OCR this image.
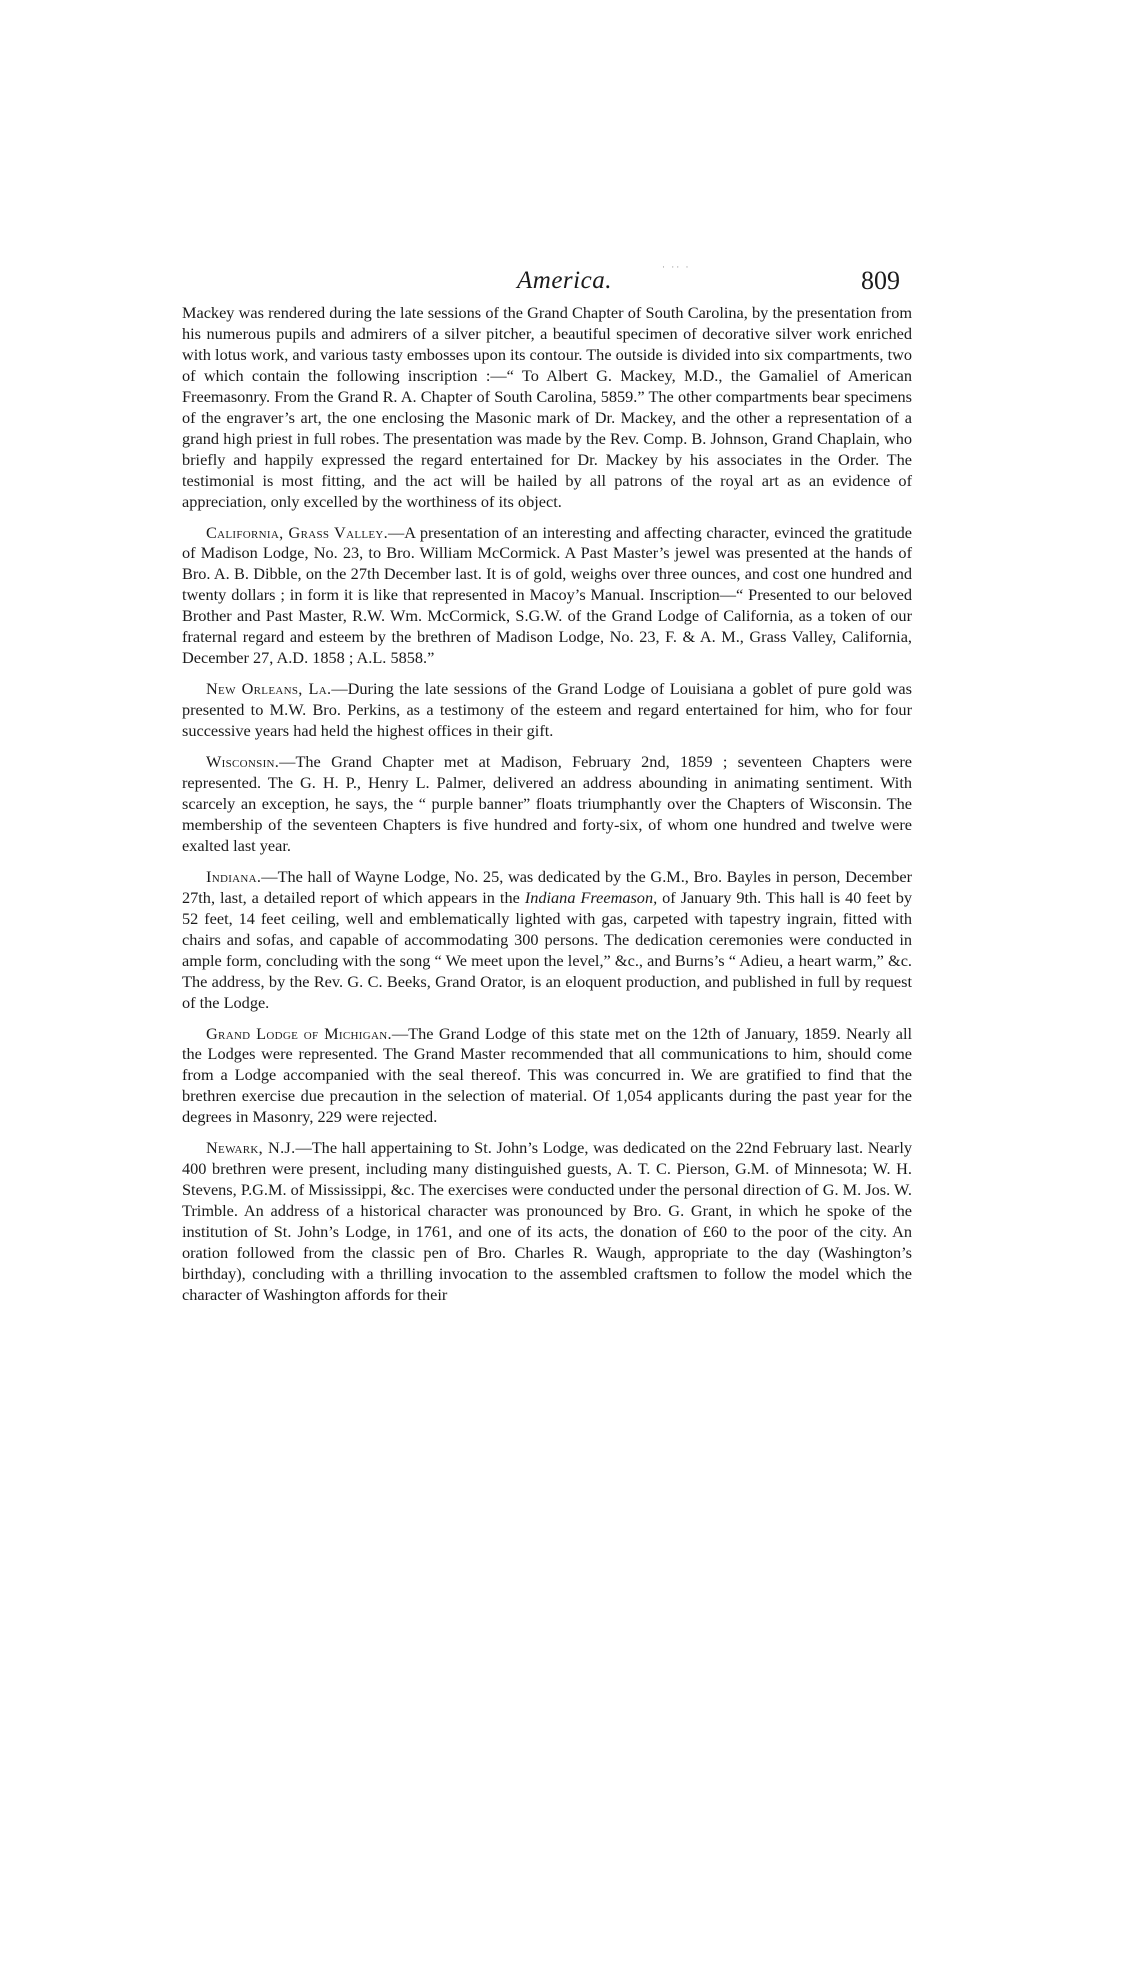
America.	· ·· ·	809

Mackey was rendered during the late sessions of the Grand Chapter of South Carolina, by the presentation from his numerous pupils and admirers of a silver pitcher, a beautiful specimen of decorative silver work enriched with lotus work, and various tasty embosses upon its contour. The outside is divided into six compartments, two of which contain the following inscription :—“ To Albert G. Mackey, M.D., the Gamaliel of American Freemasonry. From the Grand R. A. Chapter of South Carolina, 5859.” The other compartments bear specimens of the engraver’s art, the one enclosing the Masonic mark of Dr. Mackey, and the other a representation of a grand high priest in full robes. The presentation was made by the Rev. Comp. B. Johnson, Grand Chaplain, who briefly and happily expressed the regard entertained for Dr. Mackey by his associates in the Order. The testimonial is most fitting, and the act will be hailed by all patrons of the royal art as an evidence of appreciation, only excelled by the worthiness of its object.

California, Grass Valley.—A presentation of an interesting and affecting character, evinced the gratitude of Madison Lodge, No. 23, to Bro. William McCormick. A Past Master’s jewel was presented at the hands of Bro. A. B. Dibble, on the 27th December last. It is of gold, weighs over three ounces, and cost one hundred and twenty dollars ; in form it is like that represented in Macoy’s Manual. Inscription—“ Presented to our beloved Brother and Past Master, R.W. Wm. McCormick, S.G.W. of the Grand Lodge of California, as a token of our fraternal regard and esteem by the brethren of Madison Lodge, No. 23, F. & A. M., Grass Valley, California, December 27, A.D. 1858 ; A.L. 5858.”

New Orleans, La.—During the late sessions of the Grand Lodge of Louisiana a goblet of pure gold was presented to M.W. Bro. Perkins, as a testimony of the esteem and regard entertained for him, who for four successive years had held the highest offices in their gift.

Wisconsin.—The Grand Chapter met at Madison, February 2nd, 1859 ; seventeen Chapters were represented. The G. H. P., Henry L. Palmer, delivered an address abounding in animating sentiment. With scarcely an exception, he says, the “ purple banner” floats triumphantly over the Chapters of Wisconsin. The membership of the seventeen Chapters is five hundred and forty-six, of whom one hundred and twelve were exalted last year.

Indiana.—The hall of Wayne Lodge, No. 25, was dedicated by the G.M., Bro. Bayles in person, December 27th, last, a detailed report of which appears in the Indiana Freemason, of January 9th. This hall is 40 feet by 52 feet, 14 feet ceiling, well and emblematically lighted with gas, carpeted with tapestry ingrain, fitted with chairs and sofas, and capable of accommodating 300 persons. The dedication ceremonies were conducted in ample form, concluding with the song “ We meet upon the level,” &c., and Burns’s “ Adieu, a heart warm,” &c. The address, by the Rev. G. C. Beeks, Grand Orator, is an eloquent production, and published in full by request of the Lodge.

Grand Lodge of Michigan.—The Grand Lodge of this state met on the 12th of January, 1859. Nearly all the Lodges were represented. The Grand Master recommended that all communications to him, should come from a Lodge accompanied with the seal thereof. This was concurred in. We are gratified to find that the brethren exercise due precaution in the selection of material. Of 1,054 applicants during the past year for the degrees in Masonry, 229 were rejected.

Newark, N.J.—The hall appertaining to St. John’s Lodge, was dedicated on the 22nd February last. Nearly 400 brethren were present, including many distinguished guests, A. T. C. Pierson, G.M. of Minnesota; W. H. Stevens, P.G.M. of Mississippi, &c. The exercises were conducted under the personal direction of G. M. Jos. W. Trimble. An address of a historical character was pronounced by Bro. G. Grant, in which he spoke of the institution of St. John’s Lodge, in 1761, and one of its acts, the donation of £60 to the poor of the city. An oration followed from the classic pen of Bro. Charles R. Waugh, appropriate to the day (Washington’s birthday), concluding with a thrilling invocation to the assembled craftsmen to follow the model which the character of Washington affords for their
